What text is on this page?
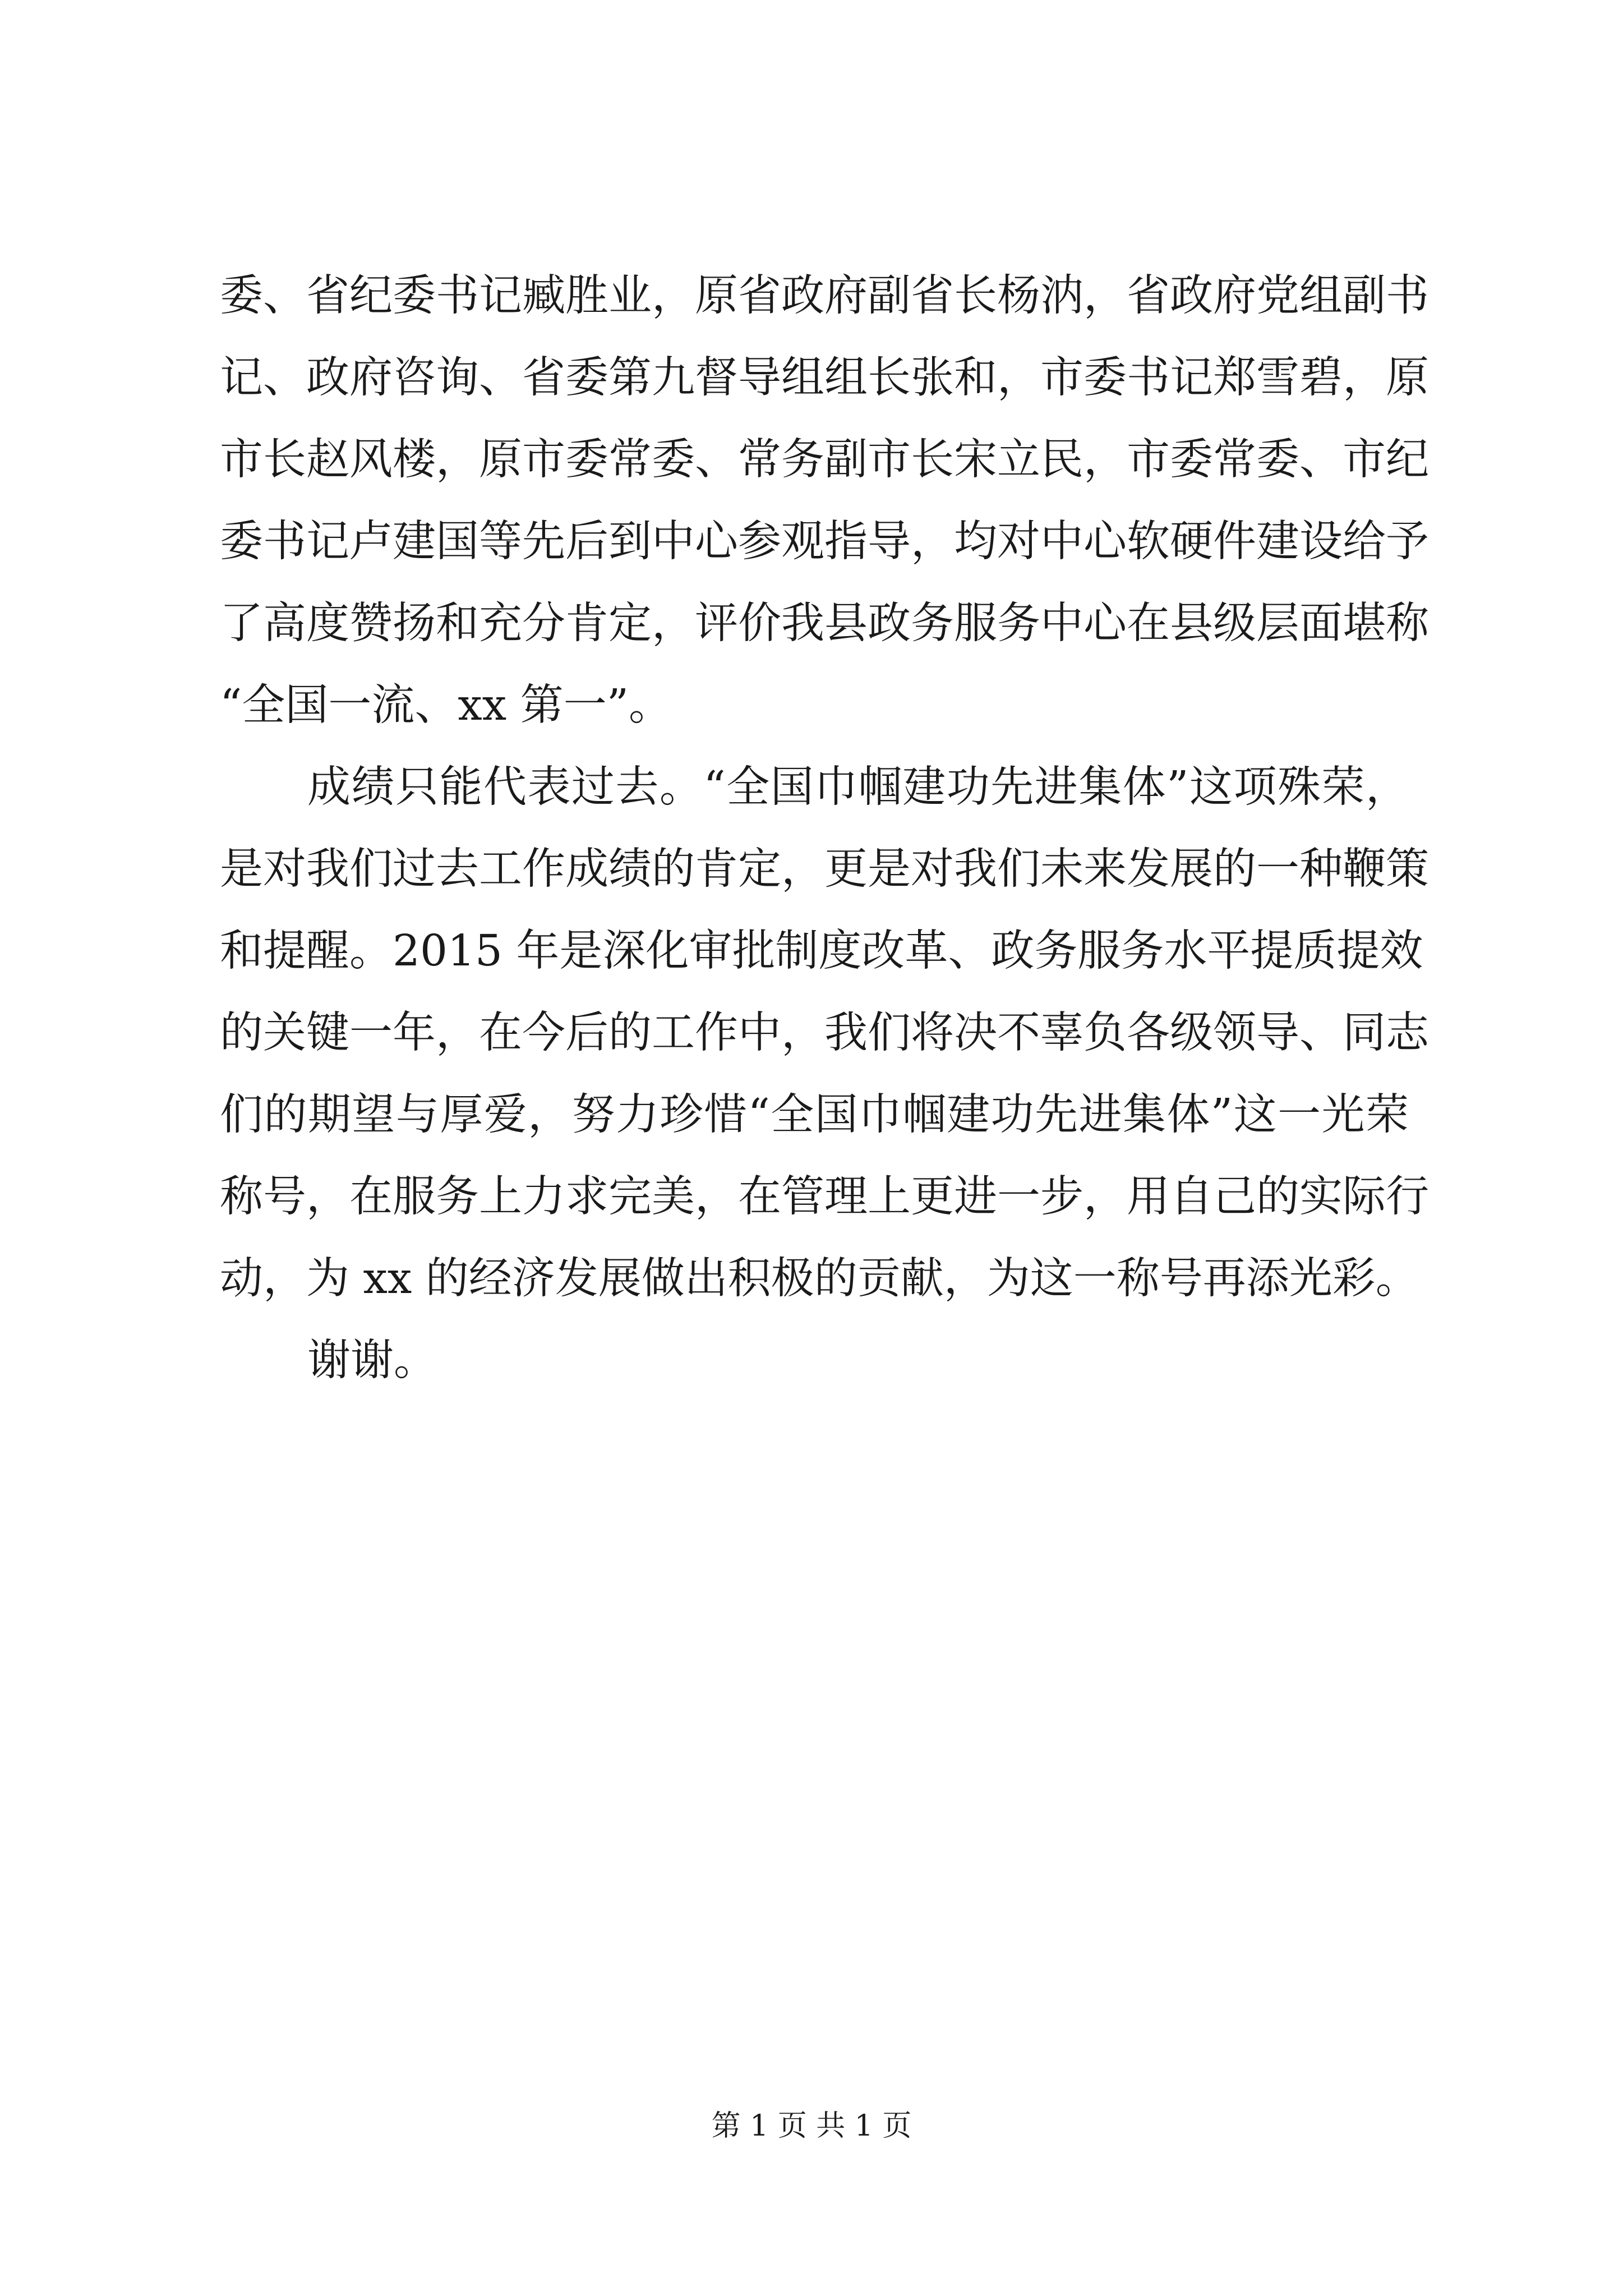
委、省纪委书记臧胜业，原省政府副省长杨汭，省政府党组副书
记、政府咨询、省委第九督导组组长张和，市委书记郑雪碧，原
市长赵风楼，原市委常委、常务副市长宋立民，市委常委、市纪
委书记卢建国等先后到中心参观指导，均对中心软硬件建设给予
了高度赞扬和充分肯定，评价我县政务服务中心在县级层面堪称
“全国一流、xx 第一”。
成绩只能代表过去。“全国巾帼建功先进集体”这项殊荣，
是对我们过去工作成绩的肯定，更是对我们未来发展的一种鞭策
和提醒。2015 年是深化审批制度改革、政务服务水平提质提效
的关键一年，在今后的工作中，我们将决不辜负各级领导、同志
们的期望与厚爱，努力珍惜“全国巾帼建功先进集体”这一光荣
称号，在服务上力求完美，在管理上更进一步，用自己的实际行
动，为 xx 的经济发展做出积极的贡献，为这一称号再添光彩。
谢谢。
第 1 页 共 1 页
